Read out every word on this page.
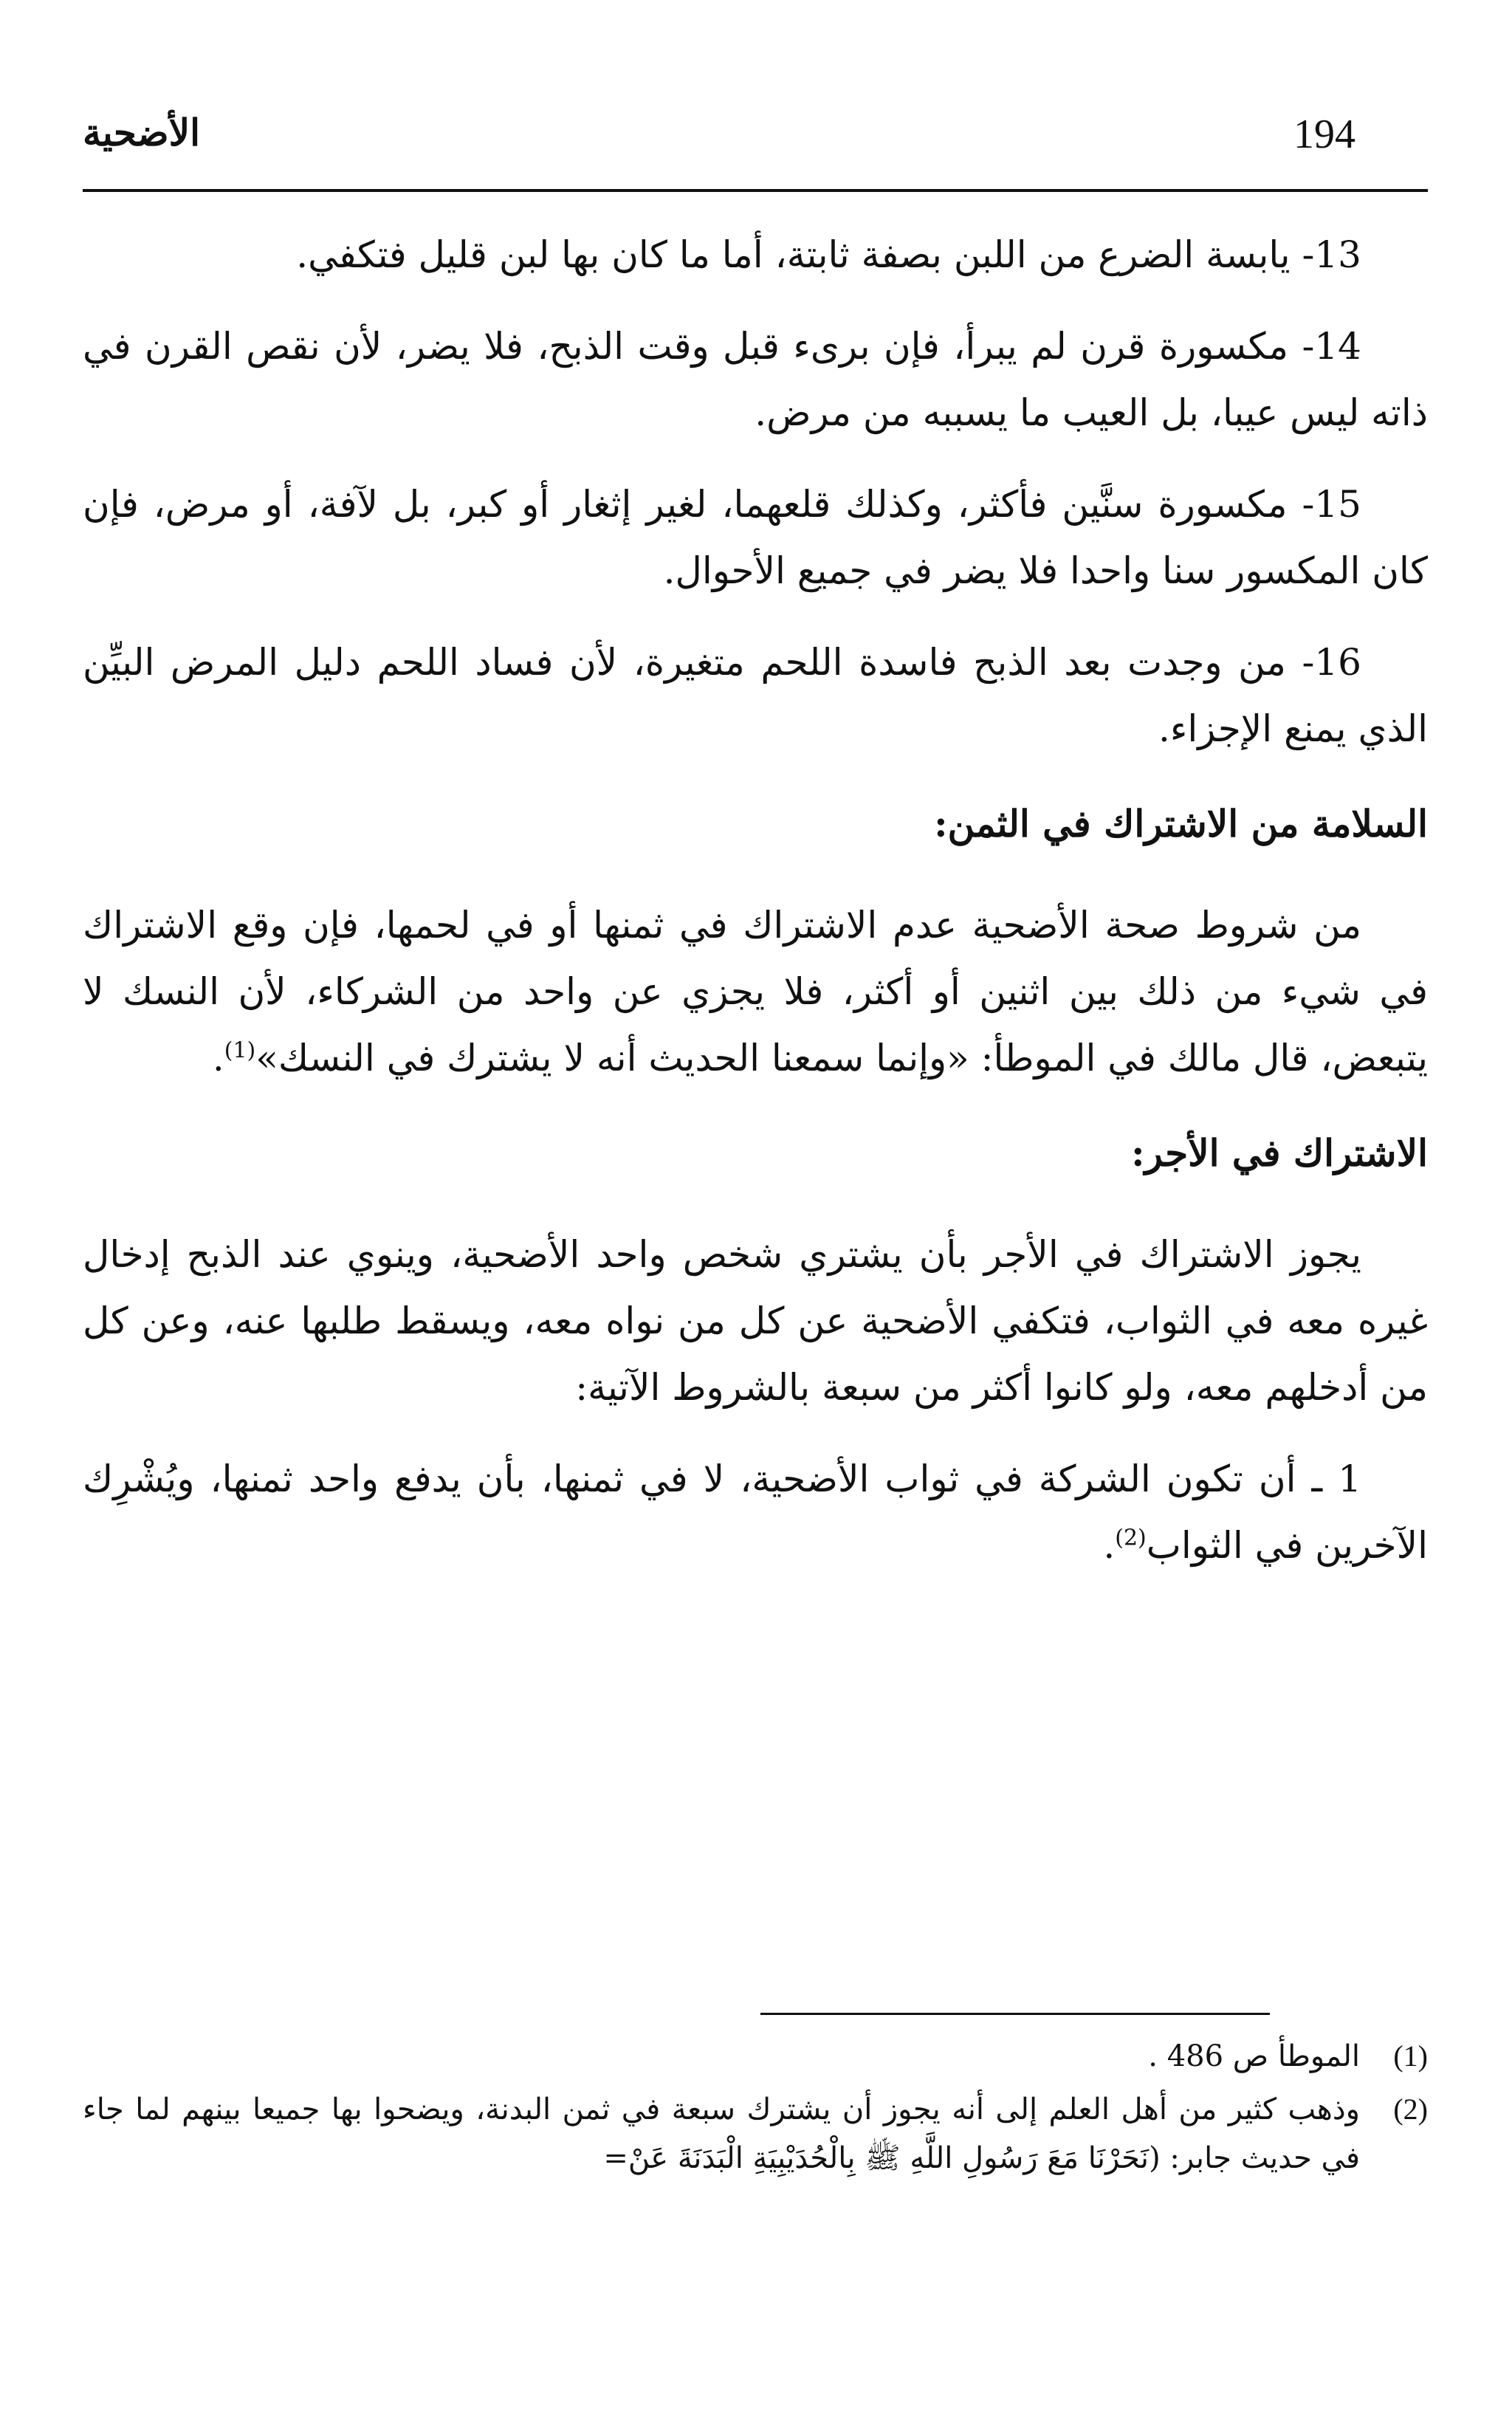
194
الأضحية

13- يابسة الضرع من اللبن بصفة ثابتة، أما ما كان بها لبن قليل فتكفي.

14- مكسورة قرن لم يبرأ، فإن برىء قبل وقت الذبح، فلا يضر، لأن نقص القرن في ذاته ليس عيبا، بل العيب ما يسببه من مرض.

15- مكسورة سنَّين فأكثر، وكذلك قلعهما، لغير إثغار أو كبر، بل لآفة، أو مرض، فإن كان المكسور سنا واحدا فلا يضر في جميع الأحوال.

16- من وجدت بعد الذبح فاسدة اللحم متغيرة، لأن فساد اللحم دليل المرض البيِّن الذي يمنع الإجزاء.

السلامة من الاشتراك في الثمن:

من شروط صحة الأضحية عدم الاشتراك في ثمنها أو في لحمها، فإن وقع الاشتراك في شيء من ذلك بين اثنين أو أكثر، فلا يجزي عن واحد من الشركاء، لأن النسك لا يتبعض، قال مالك في الموطأ: «وإنما سمعنا الحديث أنه لا يشترك في النسك»$^{(1)}$.

الاشتراك في الأجر:

يجوز الاشتراك في الأجر بأن يشتري شخص واحد الأضحية، وينوي عند الذبح إدخال غيره معه في الثواب، فتكفي الأضحية عن كل من نواه معه، ويسقط طلبها عنه، وعن كل من أدخلهم معه، ولو كانوا أكثر من سبعة بالشروط الآتية:

1 ـ أن تكون الشركة في ثواب الأضحية، لا في ثمنها، بأن يدفع واحد ثمنها، ويُشْرِك الآخرين في الثواب$^{(2)}$.

(1)
الموطأ ص 486 .
(2)
وذهب كثير من أهل العلم إلى أنه يجوز أن يشترك سبعة في ثمن البدنة، ويضحوا بها جميعا بينهم لما جاء في حديث جابر: (نَحَرْنَا مَعَ رَسُولِ اللَّهِ ﷺ بِالْحُدَيْبِيَةِ الْبَدَنَةَ عَنْ=
